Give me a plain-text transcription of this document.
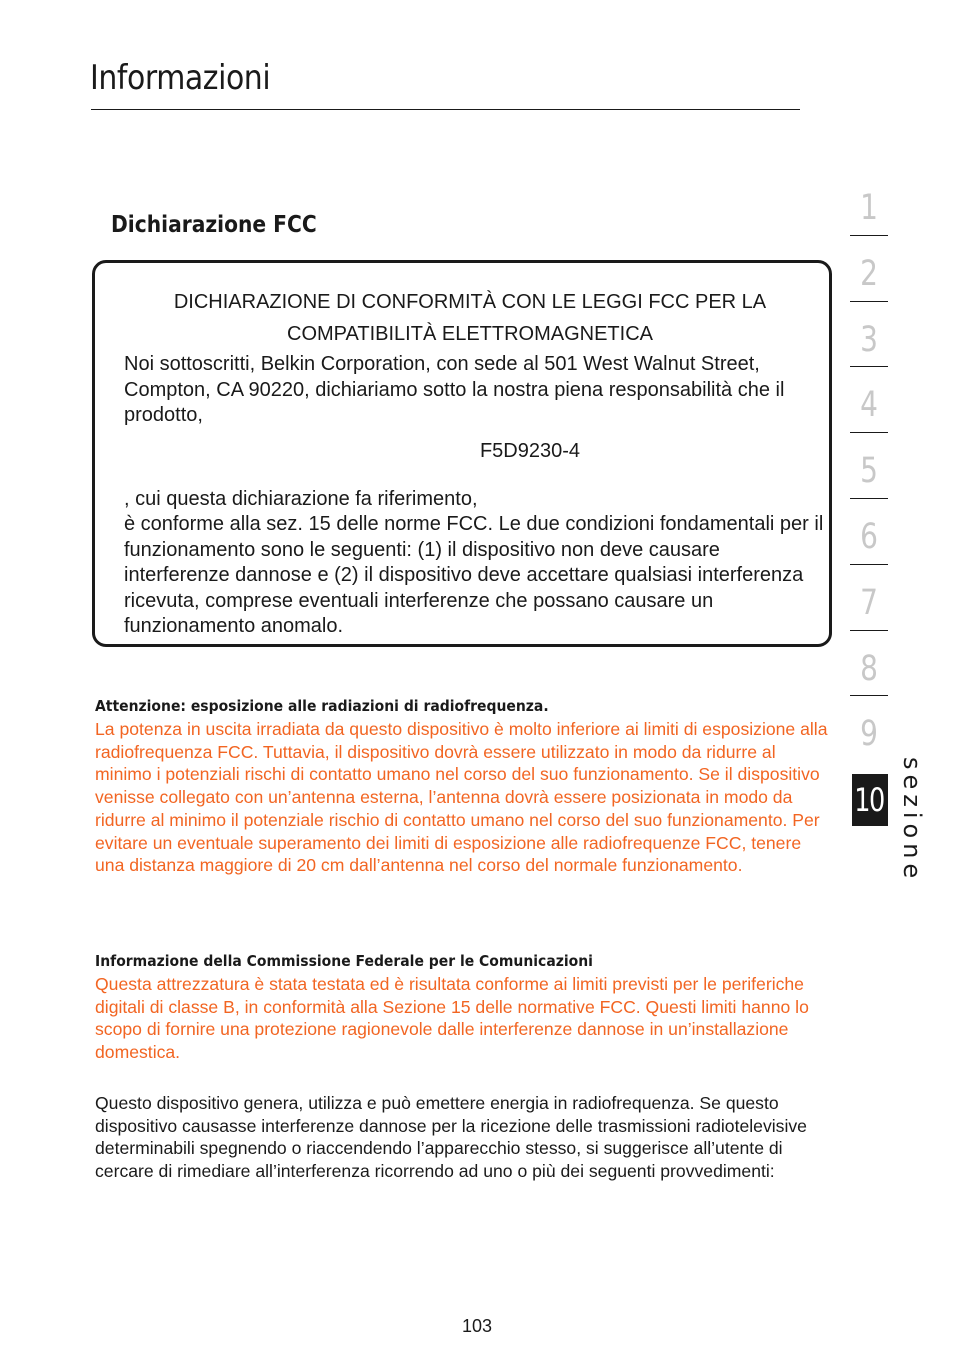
Informazioni
Dichiarazione FCC
DICHIARAZIONE DI CONFORMITÀ CON LE LEGGI FCC PER LA
COMPATIBILITÀ ELETTROMAGNETICA
Noi sottoscritti, Belkin Corporation, con sede al 501 West Walnut Street, Compton, CA 90220, dichiariamo sotto la nostra piena responsabilità che il prodotto,
F5D9230-4
, cui questa dichiarazione fa riferimento,
è conforme alla sez. 15 delle norme FCC. Le due condizioni fondamentali per il funzionamento sono le seguenti: (1) il dispositivo non deve causare interferenze dannose e (2) il dispositivo deve accettare qualsiasi interferenza ricevuta, comprese eventuali interferenze che possano causare un funzionamento anomalo.
Attenzione: esposizione alle radiazioni di radiofrequenza.
La potenza in uscita irradiata da questo dispositivo è molto inferiore ai limiti di esposizione alla radiofrequenza FCC. Tuttavia, il dispositivo dovrà essere utilizzato in modo da ridurre al minimo i potenziali rischi di contatto umano nel corso del suo funzionamento. Se il dispositivo venisse collegato con un’antenna esterna, l’antenna dovrà essere posizionata in modo da ridurre al minimo il potenziale rischio di contatto umano nel corso del suo funzionamento. Per evitare un eventuale superamento dei limiti di esposizione alle radiofrequenze FCC, tenere una distanza maggiore di 20 cm dall’antenna nel corso del normale funzionamento.
Informazione della Commissione Federale per le Comunicazioni
Questa attrezzatura è stata testata ed è risultata conforme ai limiti previsti per le periferiche digitali di classe B, in conformità alla Sezione 15 delle normative FCC. Questi limiti hanno lo scopo di fornire una protezione ragionevole dalle interferenze dannose in un’installazione domestica.
Questo dispositivo genera, utilizza e può emettere energia in radiofrequenza. Se questo dispositivo causasse interferenze dannose per la ricezione delle trasmissioni radiotelevisive determinabili spegnendo o riaccendendo l’apparecchio stesso, si suggerisce all’utente di cercare di rimediare all’interferenza ricorrendo ad uno o più dei seguenti provvedimenti:
1
2
3
4
5
6
7
8
9
10 sezione
103
